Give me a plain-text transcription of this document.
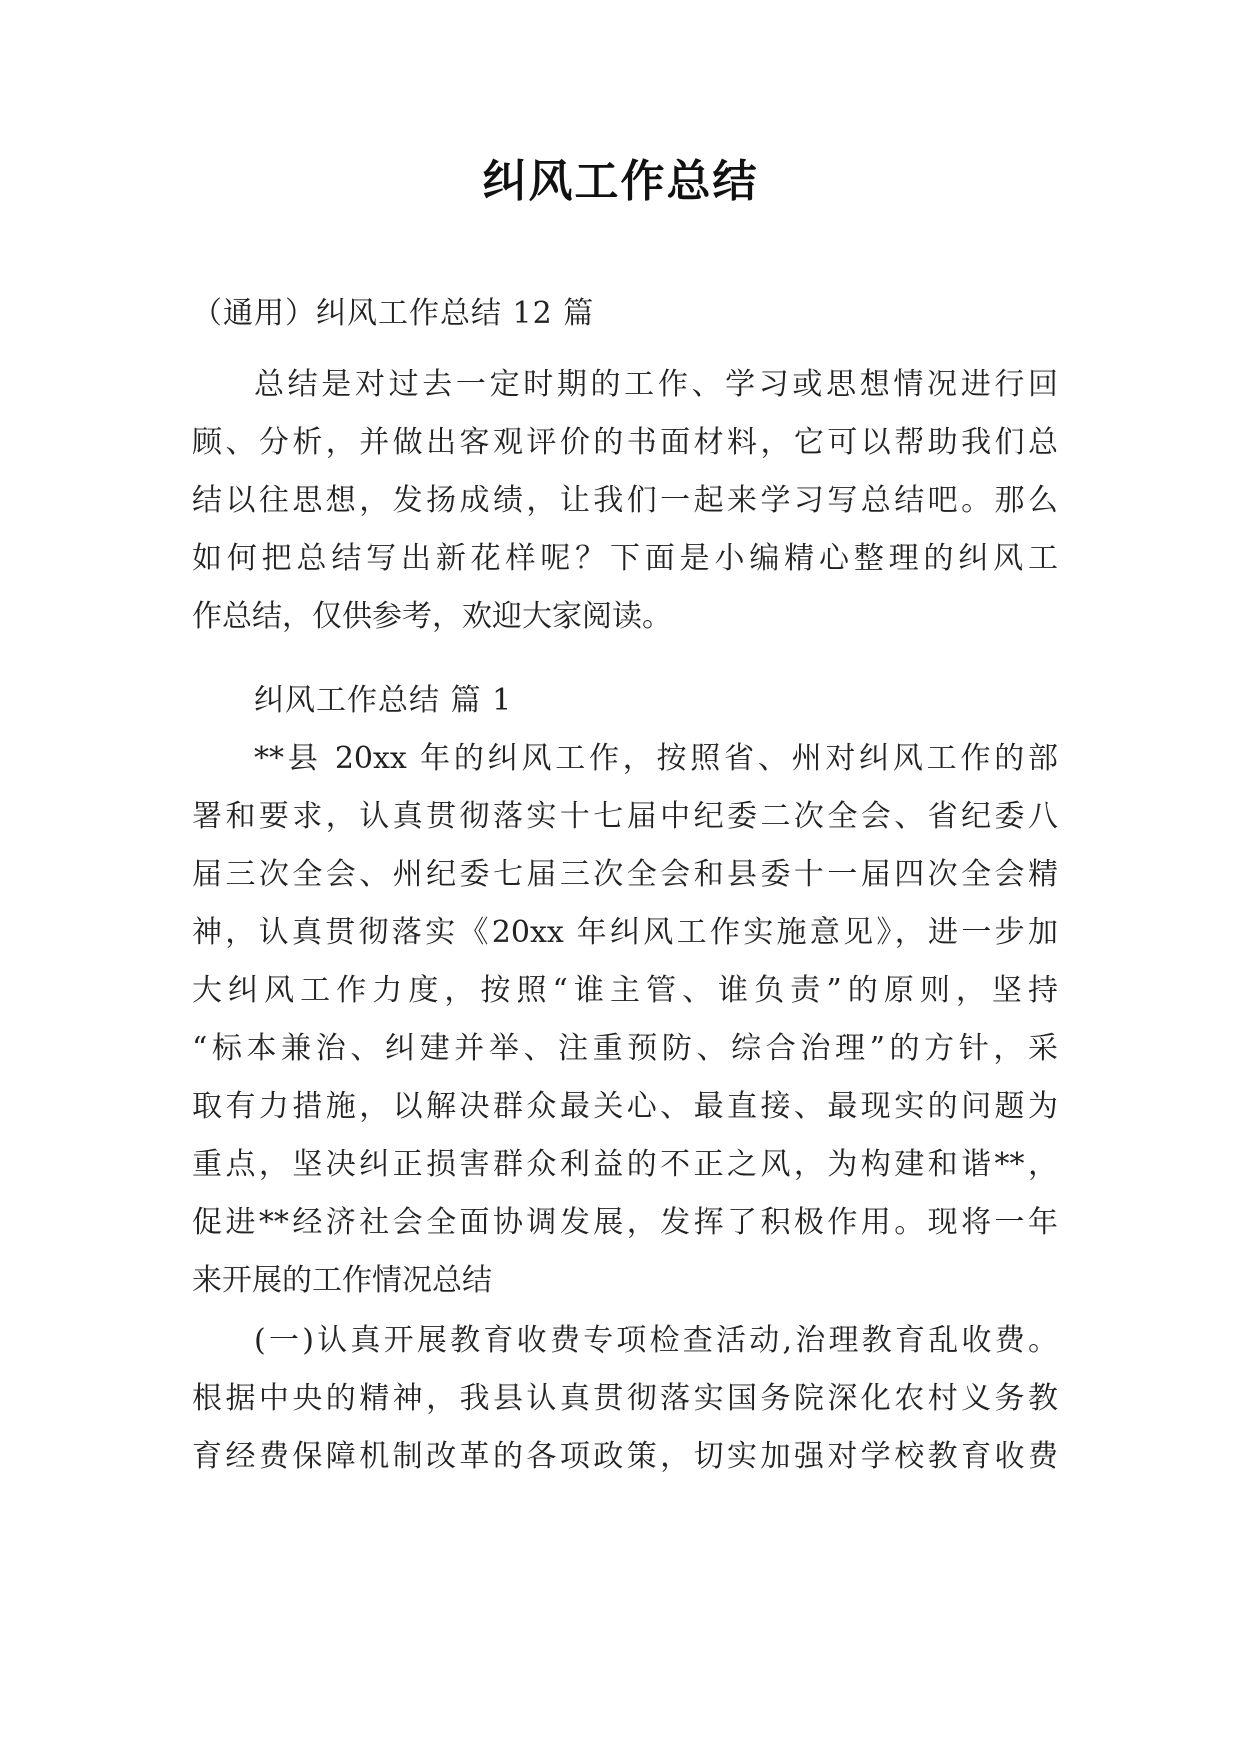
纠风工作总结
（通用）纠风工作总结 12 篇
总结是对过去一定时期的工作、学习或思想情况进行回
顾、分析，并做出客观评价的书面材料，它可以帮助我们总
结以往思想，发扬成绩，让我们一起来学习写总结吧。那么
如何把总结写出新花样呢？下面是小编精心整理的纠风工
作总结，仅供参考，欢迎大家阅读。
纠风工作总结 篇 1
**县 20xx 年的纠风工作，按照省、州对纠风工作的部
署和要求，认真贯彻落实十七届中纪委二次全会、省纪委八
届三次全会、州纪委七届三次全会和县委十一届四次全会精
神，认真贯彻落实《20xx 年纠风工作实施意见》，进一步加
大纠风工作力度，按照“谁主管、谁负责”的原则，坚持
“标本兼治、纠建并举、注重预防、综合治理”的方针，采
取有力措施，以解决群众最关心、最直接、最现实的问题为
重点，坚决纠正损害群众利益的不正之风，为构建和谐**，
促进**经济社会全面协调发展，发挥了积极作用。现将一年
来开展的工作情况总结
(一)认真开展教育收费专项检查活动,治理教育乱收费。
根据中央的精神，我县认真贯彻落实国务院深化农村义务教
育经费保障机制改革的各项政策，切实加强对学校教育收费
